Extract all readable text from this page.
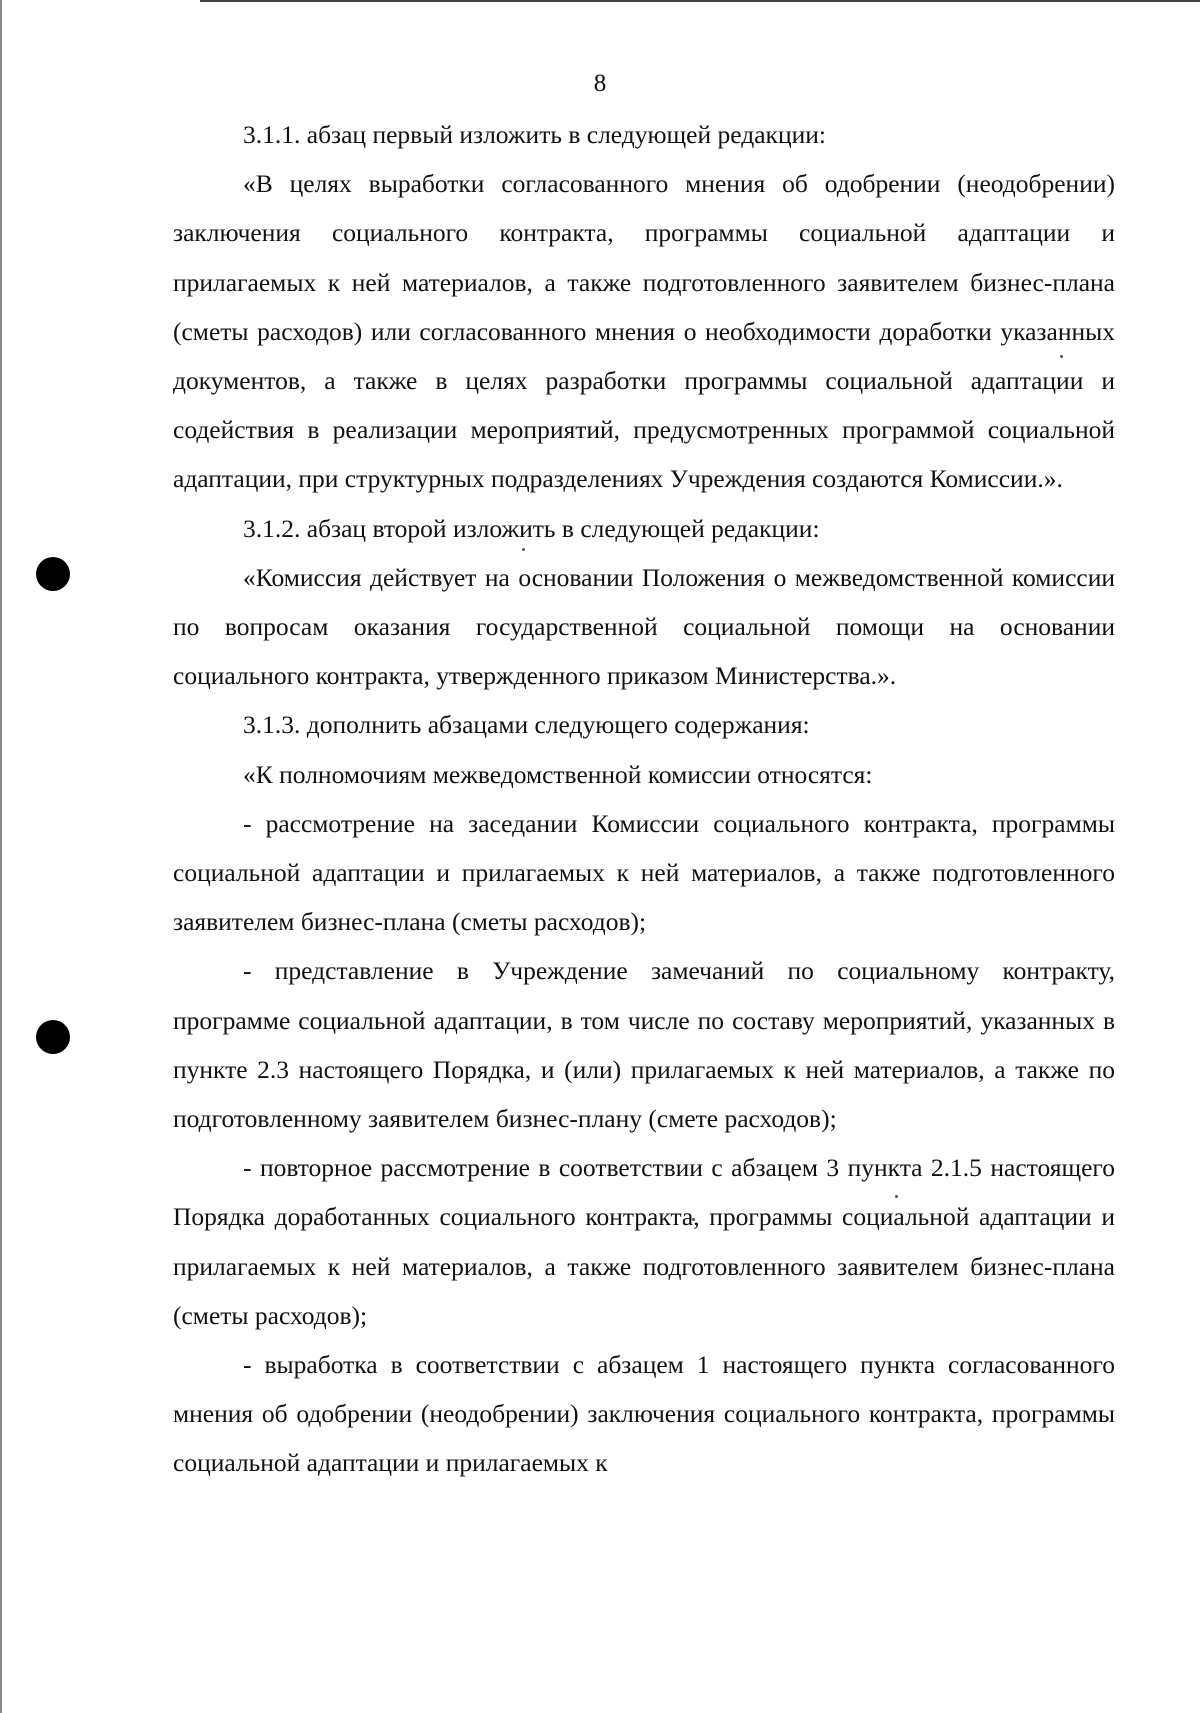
8

3.1.1. абзац первый изложить в следующей редакции:

«В целях выработки согласованного мнения об одобрении (неодобрении) заключения социального контракта, программы социальной адаптации и прилагаемых к ней материалов, а также подготовленного заявителем бизнес-плана (сметы расходов) или согласованного мнения о необходимости доработки указанных документов, а также в целях разработки программы социальной адаптации и содействия в реализации мероприятий, предусмотренных программой социальной адаптации, при структурных подразделениях Учреждения создаются Комиссии.».

3.1.2. абзац второй изложить в следующей редакции:

«Комиссия действует на основании Положения о межведомственной комиссии по вопросам оказания государственной социальной помощи на основании социального контракта, утвержденного приказом Министерства.».

3.1.3. дополнить абзацами следующего содержания:

«К полномочиям межведомственной комиссии относятся:

- рассмотрение на заседании Комиссии социального контракта, программы социальной адаптации и прилагаемых к ней материалов, а также подготовленного заявителем бизнес-плана (сметы расходов);

- представление в Учреждение замечаний по социальному контракту, программе социальной адаптации, в том числе по составу мероприятий, указанных в пункте 2.3 настоящего Порядка, и (или) прилагаемых к ней материалов, а также по подготовленному заявителем бизнес-плану (смете расходов);

- повторное рассмотрение в соответствии с абзацем 3 пункта 2.1.5 настоящего Порядка доработанных социального контракта, программы социальной адаптации и прилагаемых к ней материалов, а также подготовленного заявителем бизнес-плана (сметы расходов);

- выработка в соответствии с абзацем 1 настоящего пункта согласованного мнения об одобрении (неодобрении) заключения социального контракта, программы социальной адаптации и прилагаемых к
